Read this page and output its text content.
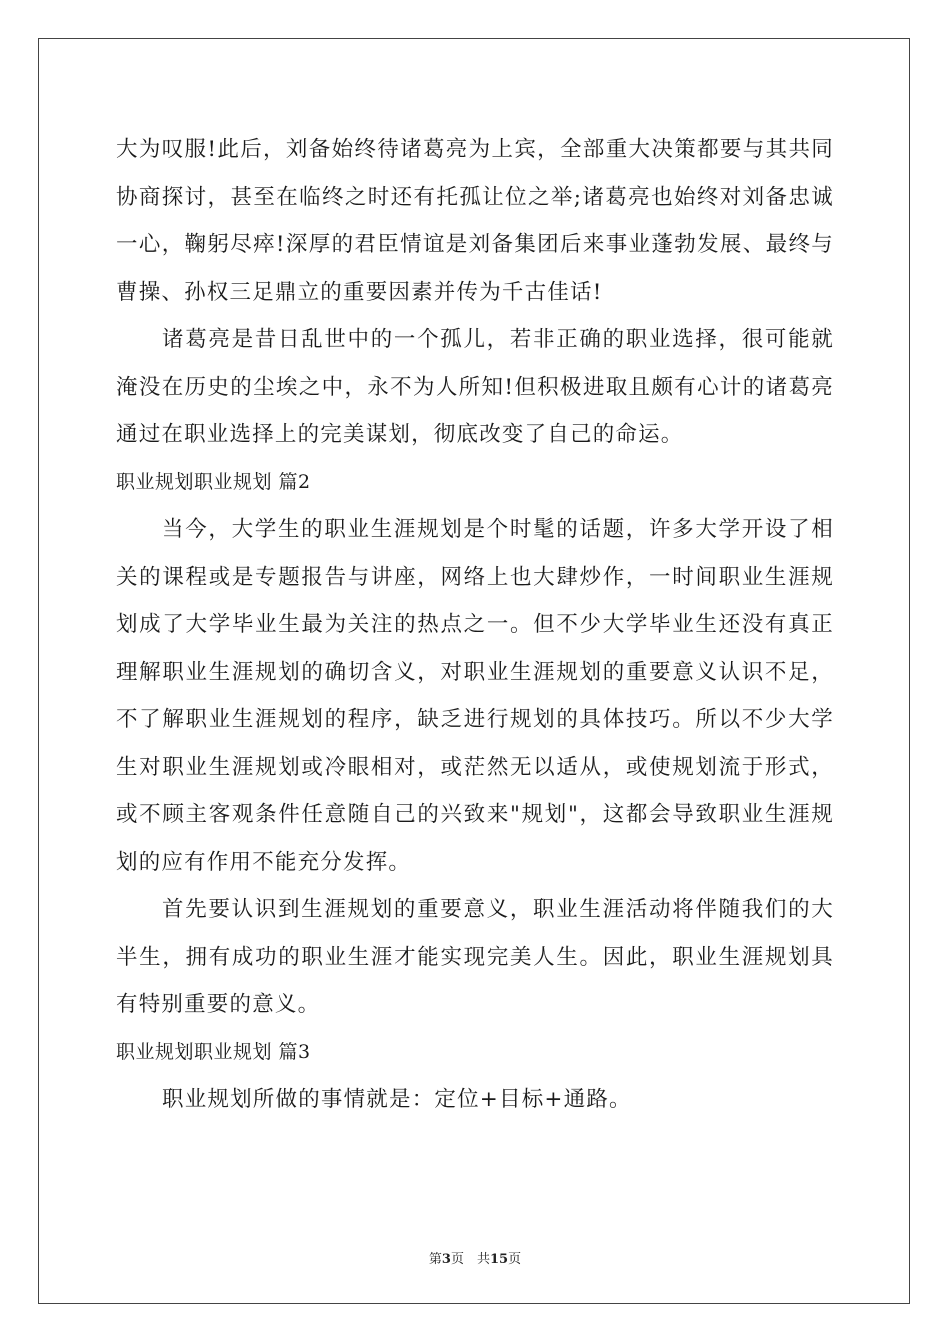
大为叹服!此后，刘备始终待诸葛亮为上宾，全部重大决策都要与其共同协商探讨，甚至在临终之时还有托孤让位之举;诸葛亮也始终对刘备忠诚一心，鞠躬尽瘁!深厚的君臣情谊是刘备集团后来事业蓬勃发展、最终与曹操、孙权三足鼎立的重要因素并传为千古佳话!

诸葛亮是昔日乱世中的一个孤儿，若非正确的职业选择，很可能就淹没在历史的尘埃之中，永不为人所知!但积极进取且颇有心计的诸葛亮通过在职业选择上的完美谋划，彻底改变了自己的命运。

职业规划职业规划 篇2

当今，大学生的职业生涯规划是个时髦的话题，许多大学开设了相关的课程或是专题报告与讲座，网络上也大肆炒作，一时间职业生涯规划成了大学毕业生最为关注的热点之一。但不少大学毕业生还没有真正理解职业生涯规划的确切含义，对职业生涯规划的重要意义认识不足，不了解职业生涯规划的程序，缺乏进行规划的具体技巧。所以不少大学生对职业生涯规划或冷眼相对，或茫然无以适从，或使规划流于形式，或不顾主客观条件任意随自己的兴致来"规划"，这都会导致职业生涯规划的应有作用不能充分发挥。

首先要认识到生涯规划的重要意义，职业生涯活动将伴随我们的大半生，拥有成功的职业生涯才能实现完美人生。因此，职业生涯规划具有特别重要的意义。

职业规划职业规划 篇3

职业规划所做的事情就是：定位+目标+通路。

第3页　共15页
